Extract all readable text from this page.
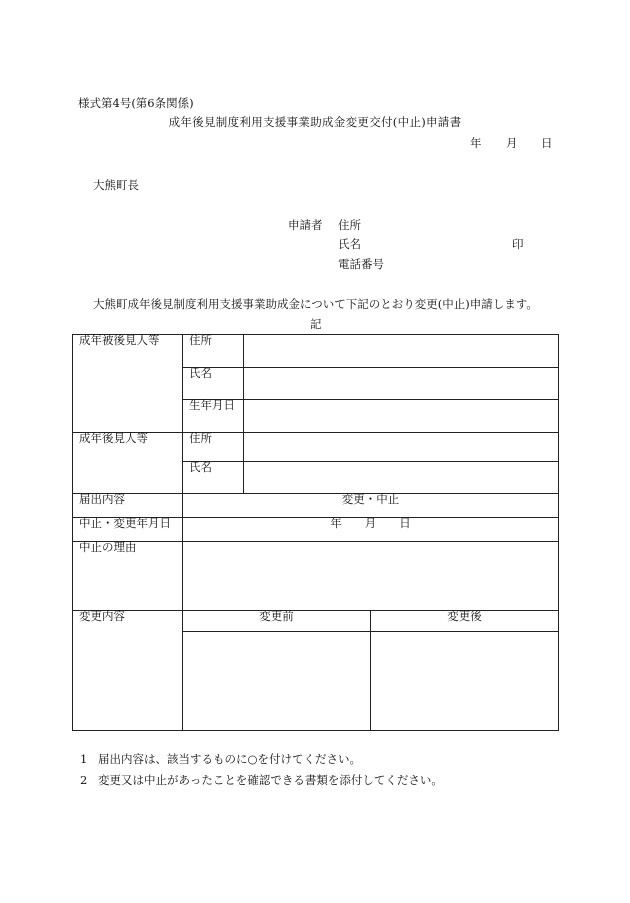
様式第4号(第6条関係)
成年後見制度利用支援事業助成金変更交付(中止)申請書
年 月 日
大熊町長
申請者 住所
氏名	印
電話番号
大熊町成年後見制度利用支援事業助成金について下記のとおり変更(中止)申請します。
記
成年被後見人等	住所		
	氏名		
	生年月日		
成年後見人等	住所		
	氏名		
届出内容	変更・中止		
中止・変更年月日	年　　月　　日		
中止の理由			
変更内容	変更前		変更後

1 届出内容は、該当するものに○を付けてください。
2 変更又は中止があったことを確認できる書類を添付してください。
